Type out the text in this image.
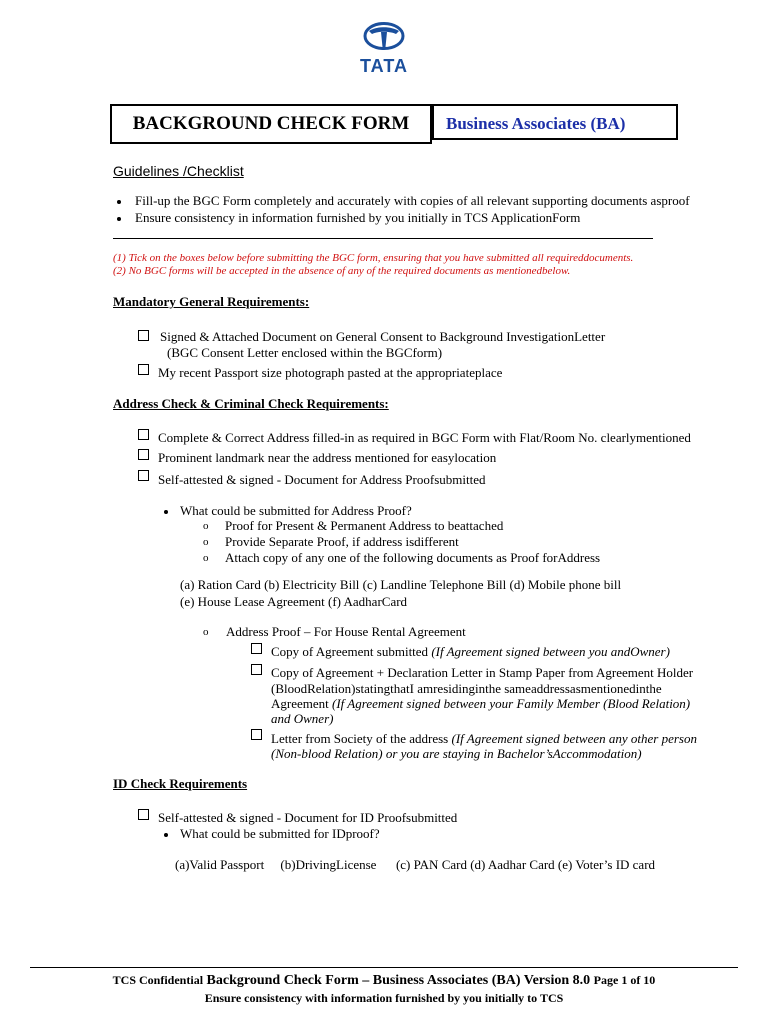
TATA
BACKGROUND CHECK FORM	Business Associates (BA)
Guidelines /Checklist
Fill-up the BGC Form completely and accurately with copies of all relevant supporting documents asproof
Ensure consistency in information furnished by you initially in TCS ApplicationForm
(1) Tick on the boxes below before submitting the BGC form, ensuring that you have submitted all requireddocuments.
(2) No BGC forms will be accepted in the absence of any of the required documents as mentionedbelow.
Mandatory General Requirements:
Signed & Attached Document on General Consent to Background InvestigationLetter
(BGC Consent Letter enclosed within the BGCform)
My recent Passport size photograph pasted at the appropriateplace
Address Check & Criminal Check Requirements:
Complete & Correct Address filled-in as required in BGC Form with Flat/Room No. clearlymentioned
Prominent landmark near the address mentioned for easylocation
Self-attested & signed - Document for Address Proofsubmitted
What could be submitted for Address Proof?
o Proof for Present & Permanent Address to beattached
o Provide Separate Proof, if address isdifferent
o Attach copy of any one of the following documents as Proof forAddress
(a) Ration Card (b) Electricity Bill (c) Landline Telephone Bill (d) Mobile phone bill
(e) House Lease Agreement (f) AadharCard
o Address Proof – For House Rental Agreement
Copy of Agreement submitted (If Agreement signed between you andOwner)
Copy of Agreement + Declaration Letter in Stamp Paper from Agreement Holder
(BloodRelation)statingthatI amresidinginthe sameaddressasmentionedinthe
Agreement (If Agreement signed between your Family Member (Blood Relation)
and Owner)
Letter from Society of the address (If Agreement signed between any other person
(Non-blood Relation) or you are staying in Bachelor’sAccommodation)
ID Check Requirements
Self-attested & signed - Document for ID Proofsubmitted
What could be submitted for IDproof?
(a)Valid Passport     (b)DrivingLicense      (c) PAN Card (d) Aadhar Card (e) Voter’s ID card
TCS Confidential Background Check Form – Business Associates (BA) Version 8.0 Page 1 of 10
Ensure consistency with information furnished by you initially to TCS
